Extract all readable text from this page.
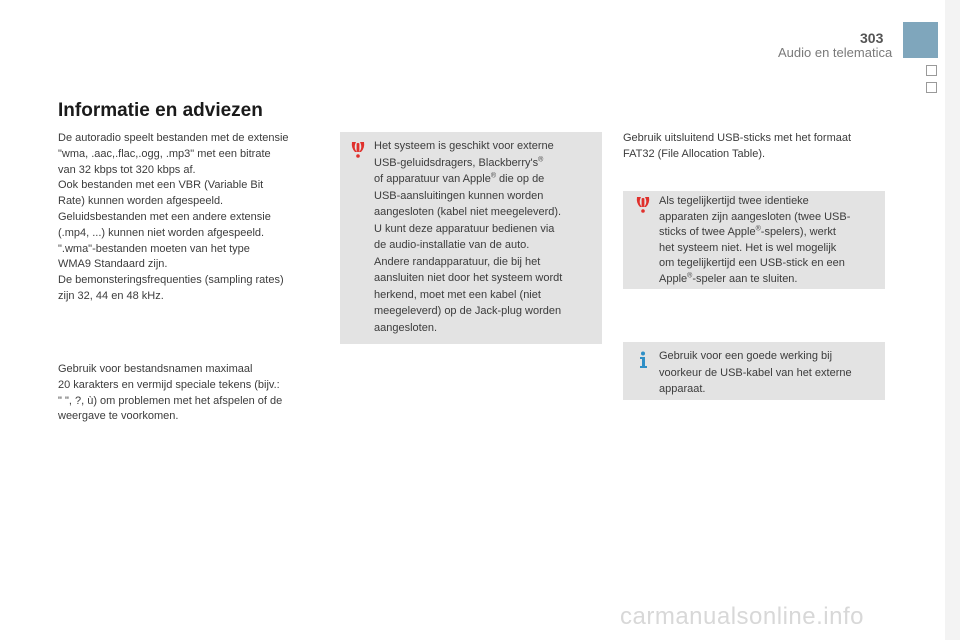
303
Audio en telematica
Informatie en adviezen

De autoradio speelt bestanden met de extensie
"wma, .aac,.flac,.ogg, .mp3" met een bitrate
van 32 kbps tot 320 kbps af.
Ook bestanden met een VBR (Variable Bit
Rate) kunnen worden afgespeeld.
Geluidsbestanden met een andere extensie
(.mp4, ...) kunnen niet worden afgespeeld.
".wma"-bestanden moeten van het type
WMA9 Standaard zijn.
De bemonsteringsfrequenties (sampling rates)
zijn 32, 44 en 48 kHz.

Gebruik voor bestandsnamen maximaal
20 karakters en vermijd speciale tekens (bijv.:
" ", ?, ù) om problemen met het afspelen of de
weergave te voorkomen.

Het systeem is geschikt voor externe
USB-geluidsdragers, Blackberry's®
of apparatuur van Apple® die op de
USB-aansluitingen kunnen worden
aangesloten (kabel niet meegeleverd).
U kunt deze apparatuur bedienen via
de audio-installatie van de auto.
Andere randapparatuur, die bij het
aansluiten niet door het systeem wordt
herkend, moet met een kabel (niet
meegeleverd) op de Jack-plug worden
aangesloten.

Gebruik uitsluitend USB-sticks met het formaat
FAT32 (File Allocation Table).

Als tegelijkertijd twee identieke
apparaten zijn aangesloten (twee USB-
sticks of twee Apple®-spelers), werkt
het systeem niet. Het is wel mogelijk
om tegelijkertijd een USB-stick en een
Apple®-speler aan te sluiten.

Gebruik voor een goede werking bij
voorkeur de USB-kabel van het externe
apparaat.

carmanualsonline.info
